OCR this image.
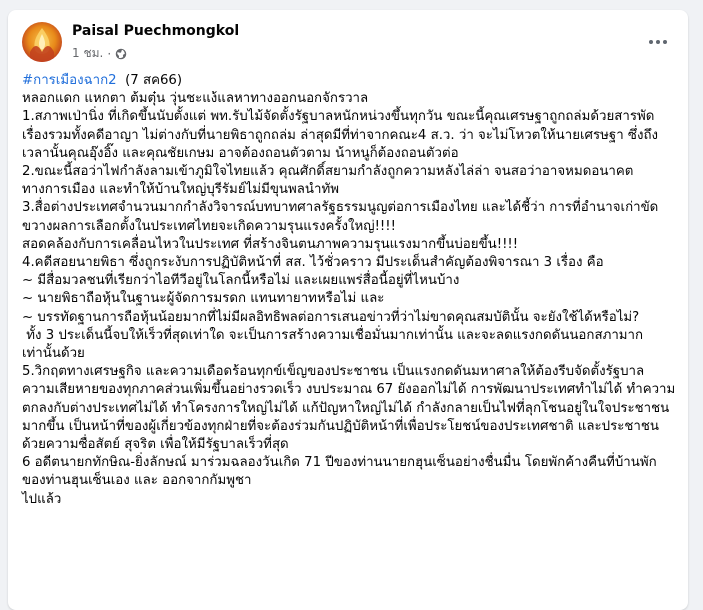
Paisal Puechmongkol
1 ชม. ·

#การเมืองฉาก2  (7 สค66)

หลอกแดก แหกตา ต้มตุ๋น วุ่นชะแง้แลหาทางออกนอกจักรวาล

1.สภาพเป่านิ่ง ที่เกิดขึ้นนับตั้งแต่ พท.รับไม้จัดตั้งรัฐบาลหนักหน่วงขึ้นทุกวัน ขณะนี้คุณเศรษฐาถูกถล่มด้วยสารพัดเรื่องรวมทั้งคดีอาญา ไม่ต่างกับที่นายพิธาถูกถล่ม ล่าสุดมีที่ท่าจากคณะ4 ส.ว. ว่า จะไม่โหวตให้นายเศรษฐา ซึ่งถึงเวลานั้นคุณอุ๊งอิ๊ง และคุณชัยเกษม อาจต้องถอนตัวตาม น้าหนูก็ต้องถอนตัวต่อ

2.ขณะนี้สอว่าไฟกำลังลามเข้าภูมิใจไทยแล้ว คุณศักดิ์สยามกำลังถูกความหลังไล่ล่า จนสอว่าอาจหมดอนาคตทางการเมือง และทำให้บ้านใหญ่บุรีรัมย์ไม่มีขุนพลนำทัพ

3.สื่อต่างประเทศจำนวนมากกำลังวิจารณ์บทบาทศาลรัฐธรรมนูญต่อการเมืองไทย และได้ชี้ว่า การที่อำนาจเก่าขัดขวางผลการเลือกตั้งในประเทศไทยจะเกิดความรุนแรงครั้งใหญ่!!!!

สอดคล้องกับการเคลื่อนไหวในประเทศ ที่สร้างจินตนภาพความรุนแรงมากขึ้นบ่อยขึ้น!!!!

4.คดีสอยนายพิธา ซึ่งถูกระงับการปฏิบัติหน้าที่ สส. ไว้ชั่วคราว มีประเด็นสำคัญต้องพิจารณา 3 เรื่อง คือ

~ มีสื่อมวลชนที่เรียกว่าไอทีวีอยู่ในโลกนี้หรือไม่ และเผยแพร่สื่อนี้อยู่ที่ไหนบ้าง

~ นายพิธาถือหุ้นในฐานะผู้จัดการมรดก แทนทายาทหรือไม่ และ

~ บรรทัดฐานการถือหุ้นน้อยมากที่ไม่มีผลอิทธิพลต่อการเสนอข่าวที่ว่าไม่ขาดคุณสมบัตินั้น จะยังใช้ได้หรือไม่?

ทั้ง 3 ประเด็นนี้จบให้เร็วที่สุดเท่าใด จะเป็นการสร้างความเชื่อมั่นมากเท่านั้น และจะลดแรงกดดันนอกสภามากเท่านั้นด้วย

5.วิกฤตทางเศรษฐกิจ และความเดือดร้อนทุกข์เข็ญของประชาชน เป็นแรงกดดันมหาศาลให้ต้องรีบจัดตั้งรัฐบาล

ความเสียหายของทุกภาคส่วนเพิ่มขึ้นอย่างรวดเร็ว งบประมาณ 67 ยังออกไม่ได้ การพัฒนาประเทศทำไม่ได้ ทำความตกลงกับต่างประเทศไม่ได้ ทำโครงการใหญ่ไม่ได้ แก้ปัญหาใหญ่ไม่ได้ กำลังกลายเป็นไฟที่ลุกโชนอยู่ในใจประชาชนมากขึ้น เป็นหน้าที่ของผู้เกี่ยวข้องทุกฝ่ายที่จะต้องร่วมกันปฏิบัติหน้าที่เพื่อประโยชน์ของประเทศชาติ และประชาชนด้วยความซื่อสัตย์ สุจริต เพื่อให้มีรัฐบาลเร็วที่สุด

6 อดีตนายกทักษิณ-ยิ่งลักษณ์ มาร่วมฉลองวันเกิด 71 ปีของท่านนายกฮุนเซ็นอย่างชื่นมื่น โดยพักค้างคืนที่บ้านพักของท่านฮุนเซ็นเอง และ ออกจากกัมพูชา

ไปแล้ว
